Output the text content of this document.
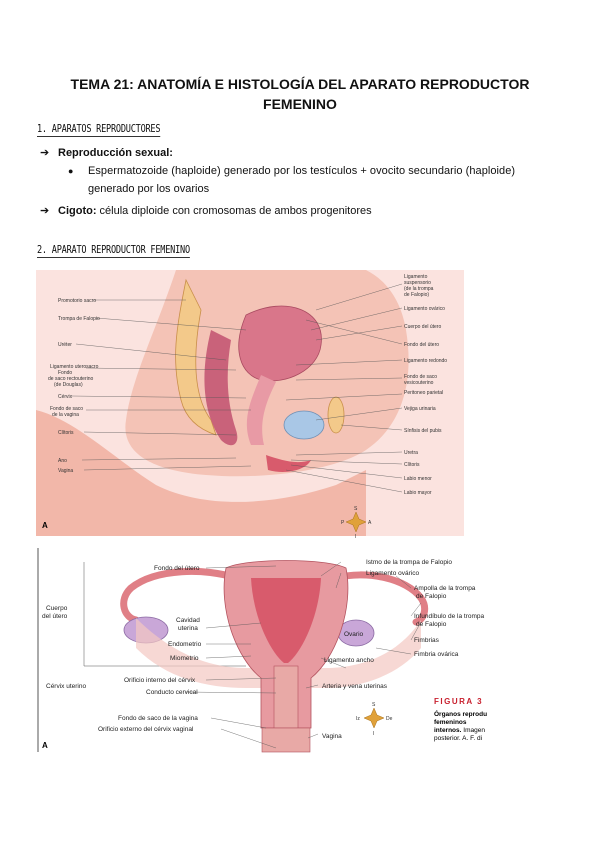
TEMA 21: ANATOMÍA E HISTOLOGÍA DEL APARATO REPRODUCTOR
FEMENINO
1. APARATOS REPRODUCTORES
➔ Reproducción sexual:
●	Espermatozoide (haploide) generado por los testículos + ovocito secundario (haploide)
generado por los ovarios
➔ Cigoto: célula diploide con cromosomas de ambos progenitores
2. APARATO REPRODUCTOR FEMENINO
Promotorio sacro
Trompa de Falopio
Uréter
Ligamento uterosacro
Fondo
de saco rectouterino
(de Douglas)
Cérvix
Fondo de saco
de la vagina
Clítoris
Ano
Vagina
Ligamento
suspensorio
(de la trompa
de Falopio)
Ligamento ovárico
Cuerpo del útero
Fondo del útero
Ligamento redondo
Fondo de saco
vesicouterino
Peritoneo parietal
Vejiga urinaria
Sínfisis del pubis
Uretra
Clítoris
Labio menor
Labio mayor
S
P	A
I
A
Fondo del útero
Cuerpo
del útero
Cavidad
uterina
Endometrio
Miometrio
Orificio interno del cérvix
Conducto cervical
Cérvix uterino
Fondo de saco de la vagina
Orificio externo del cérvix vaginal
Istmo de la trompa de Falopio
Ligamento ovárico
Ampolla de la trompa
de Falopio
Infundíbulo de la trompa
de Falopio
Fimbrias
Fimbria ovárica
Ovario
Ligamento ancho
Arteria y vena uterinas
Vagina
S
Iz	De
I
FIGURA 3
Órganos reprodu
femeninos
internos. Imagen
posterior. A. F. di
A
